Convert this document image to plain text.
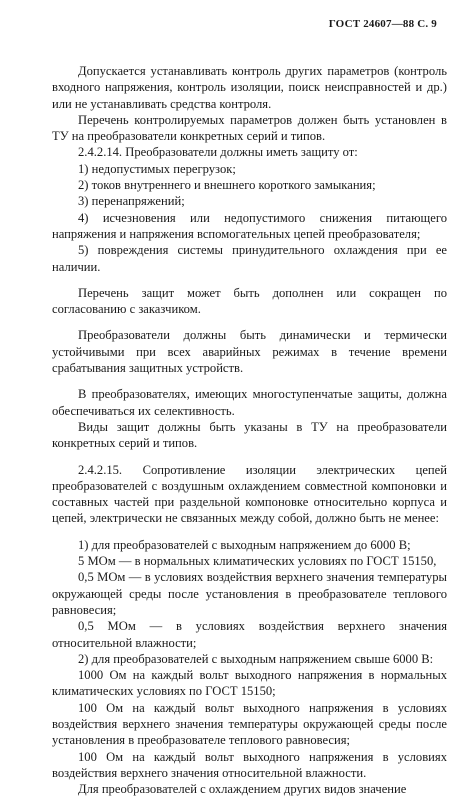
ГОСТ 24607—88 С. 9

Допускается устанавливать контроль других параметров (контроль входного напряжения, контроль изоляции, поиск неисправностей и др.) или не устанавливать средства контроля.

Перечень контролируемых параметров должен быть установлен в ТУ на преобразователи конкретных серий и типов.

2.4.2.14. Преобразователи должны иметь защиту от:

1) недопустимых перегрузок;

2) токов внутреннего и внешнего короткого замыкания;

3) перенапряжений;

4) исчезновения или недопустимого снижения питающего напряжения и напряжения вспомогательных цепей преобразователя;

5) повреждения системы принудительного охлаждения при ее наличии.

Перечень защит может быть дополнен или сокращен по согласованию с заказчиком.

Преобразователи должны быть динамически и термически устойчивыми при всех аварийных режимах в течение времени срабатывания защитных устройств.

В преобразователях, имеющих многоступенчатые защиты, должна обеспечиваться их селективность.

Виды защит должны быть указаны в ТУ на преобразователи конкретных серий и типов.

2.4.2.15. Сопротивление изоляции электрических цепей преобразователей с воздушным охлаждением совместной компоновки и составных частей при раздельной компоновке относительно корпуса и цепей, электрически не связанных между собой, должно быть не менее:

1) для преобразователей с выходным напряжением до 6000 В;

5 МОм — в нормальных климатических условиях по ГОСТ 15150,

0,5 МОм — в условиях воздействия верхнего значения температуры окружающей среды после установления в преобразователе теплового равновесия;

0,5 МОм — в условиях воздействия верхнего значения относительной влажности;

2) для преобразователей с выходным напряжением свыше 6000 В:

1000 Ом на каждый вольт выходного напряжения в нормальных климатических условиях по ГОСТ 15150;

100 Ом на каждый вольт выходного напряжения в условиях воздействия верхнего значения температуры окружающей среды после установления в преобразователе теплового равновесия;

100 Ом на каждый вольт выходного напряжения в условиях воздействия верхнего значения относительной влажности.

Для преобразователей с охлаждением других видов значение
